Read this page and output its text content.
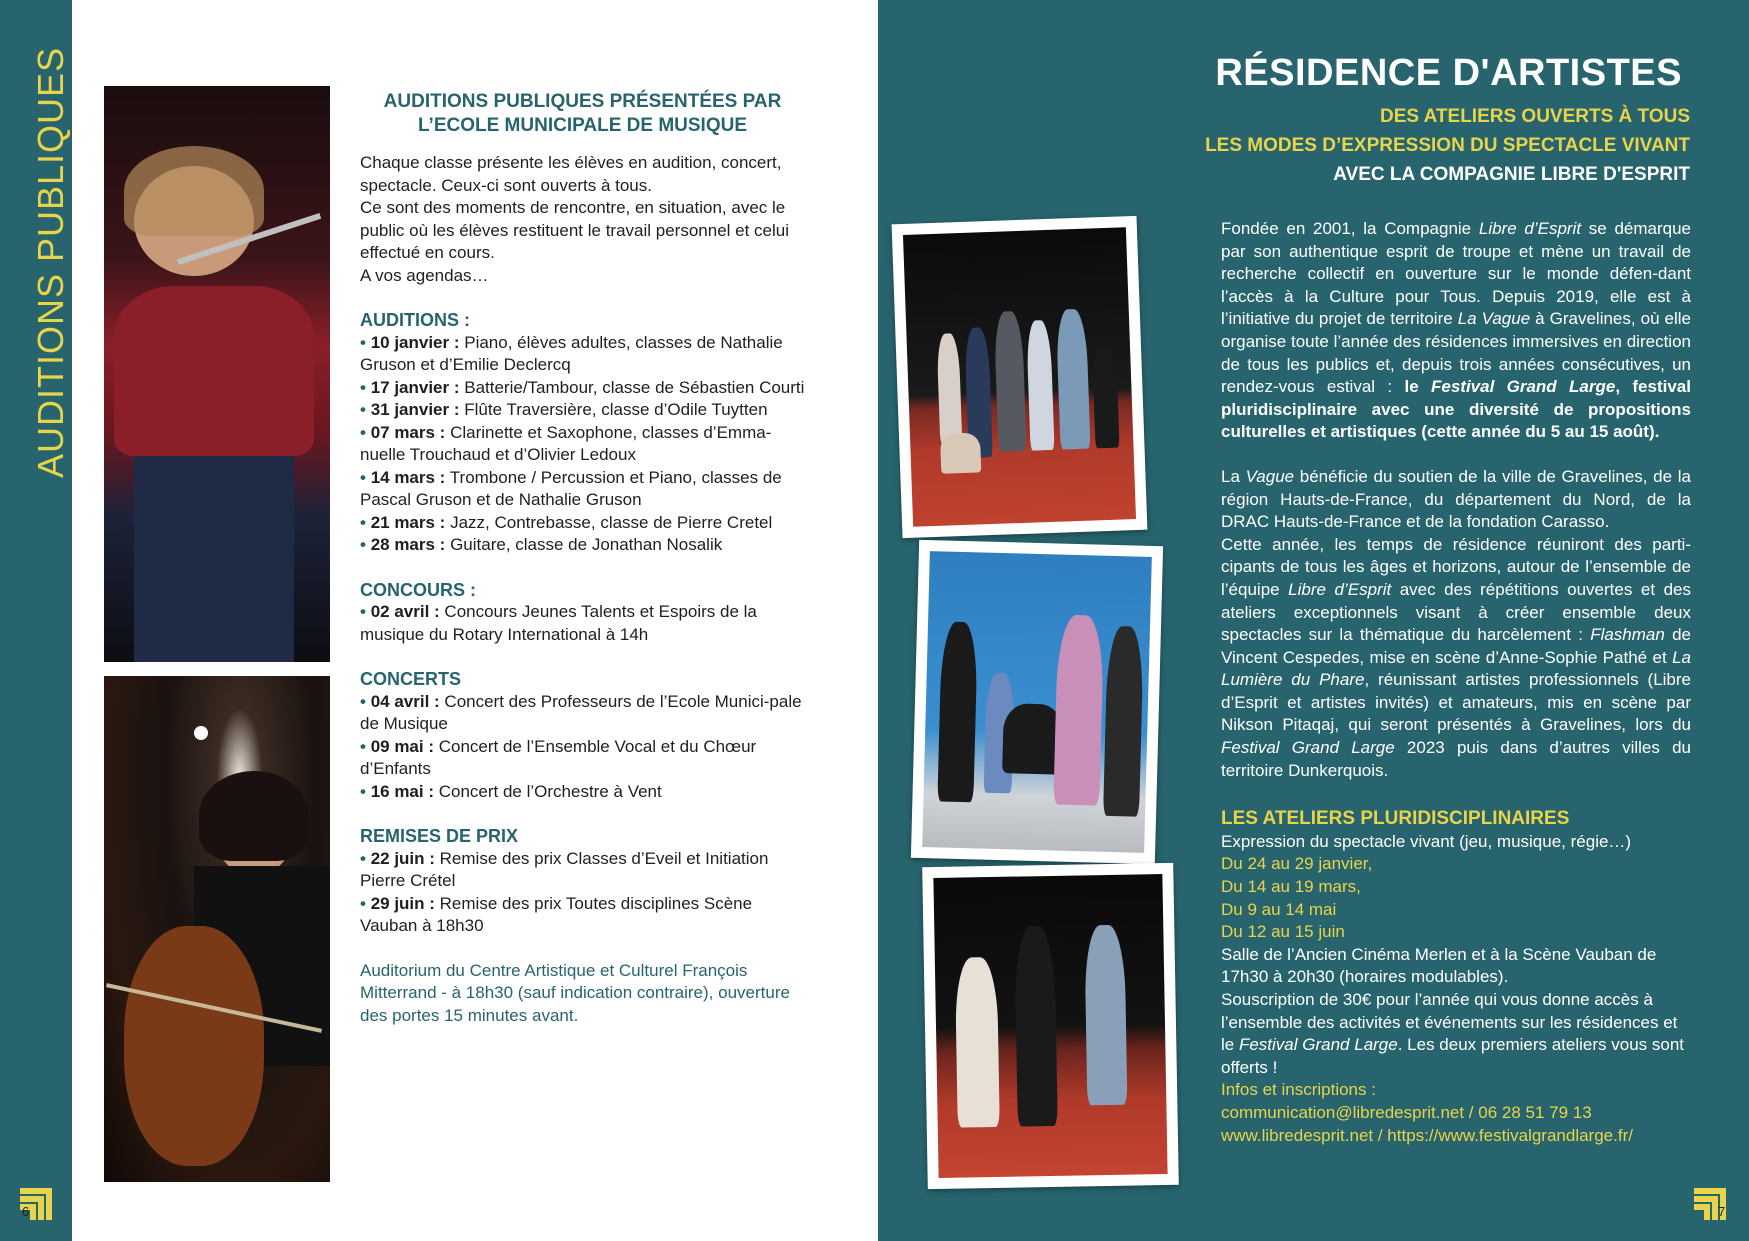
AUDITIONS PUBLIQUES
6
AUDITIONS PUBLIQUES PRÉSENTÉES PAR L’ECOLE MUNICIPALE DE MUSIQUE

Chaque classe présente les élèves en audition, concert, spectacle. Ceux-ci sont ouverts à tous.

Ce sont des moments de rencontre, en situation, avec le public où les élèves restituent le travail personnel et celui effectué en cours.

A vos agendas…

AUDITIONS :
• 10 janvier : Piano, élèves adultes, classes de Nathalie Gruson et d’Emilie Declercq
• 17 janvier : Batterie/Tambour, classe de Sébastien Courti
• 31 janvier : Flûte Traversière, classe d’Odile Tuytten
• 07 mars : Clarinette et Saxophone, classes d’Emma-nuelle Trouchaud et d’Olivier Ledoux
• 14 mars : Trombone / Percussion et Piano, classes de Pascal Gruson et de Nathalie Gruson
• 21 mars : Jazz, Contrebasse, classe de Pierre Cretel
• 28 mars : Guitare, classe de Jonathan Nosalik
CONCOURS :
• 02 avril : Concours Jeunes Talents et Espoirs de la musique du Rotary International à 14h
CONCERTS
• 04 avril : Concert des Professeurs de l’Ecole Munici-pale de Musique
• 09 mai : Concert de l’Ensemble Vocal et du Chœur d’Enfants
• 16 mai : Concert de l’Orchestre à Vent
REMISES DE PRIX
• 22 juin : Remise des prix Classes d’Eveil et Initiation Pierre Crétel
• 29 juin : Remise des prix Toutes disciplines Scène Vauban à 18h30
Auditorium du Centre Artistique et Culturel François Mitterrand - à 18h30 (sauf indication contraire), ouverture des portes 15 minutes avant.
RÉSIDENCE D'ARTISTES
DES ATELIERS OUVERTS À TOUS
LES MODES D’EXPRESSION DU SPECTACLE VIVANT
AVEC LA COMPAGNIE LIBRE D'ESPRIT

Fondée en 2001, la Compagnie Libre d’Esprit se démarque par son authentique esprit de troupe et mène un travail de recherche collectif en ouverture sur le monde défen-dant l’accès à la Culture pour Tous. Depuis 2019, elle est à l’initiative du projet de territoire La Vague à Gravelines, où elle organise toute l’année des résidences immersives en direction de tous les publics et, depuis trois années consécutives, un rendez-vous estival : le Festival Grand Large, festival pluridisciplinaire avec une diversité de propositions culturelles et artistiques (cette année du 5 au 15 août).

La Vague bénéficie du soutien de la ville de Gravelines, de la région Hauts-de-France, du département du Nord, de la DRAC Hauts-de-France et de la fondation Carasso.

Cette année, les temps de résidence réuniront des parti-cipants de tous les âges et horizons, autour de l’ensemble de l’équipe Libre d’Esprit avec des répétitions ouvertes et des ateliers exceptionnels visant à créer ensemble deux spectacles sur la thématique du harcèlement : Flashman de Vincent Cespedes, mise en scène d’Anne-Sophie Pathé et La Lumière du Phare, réunissant artistes professionnels (Libre d’Esprit et artistes invités) et amateurs, mis en scène par Nikson Pitaqaj, qui seront présentés à Gravelines, lors du Festival Grand Large 2023 puis dans d’autres villes du territoire Dunkerquois.

LES ATELIERS PLURIDISCIPLINAIRES

Expression du spectacle vivant (jeu, musique, régie…)

Du 24 au 29 janvier,

Du 14 au 19 mars,

Du 9 au 14 mai

Du 12 au 15 juin

Salle de l’Ancien Cinéma Merlen et à la Scène Vauban de 17h30 à 20h30 (horaires modulables).

Souscription de 30€ pour l’année qui vous donne accès à l’ensemble des activités et événements sur les résidences et le Festival Grand Large. Les deux premiers ateliers vous sont offerts !

Infos et inscriptions :

communication@libredesprit.net / 06 28 51 79 13

www.libredesprit.net / https://www.festivalgrandlarge.fr/

7
